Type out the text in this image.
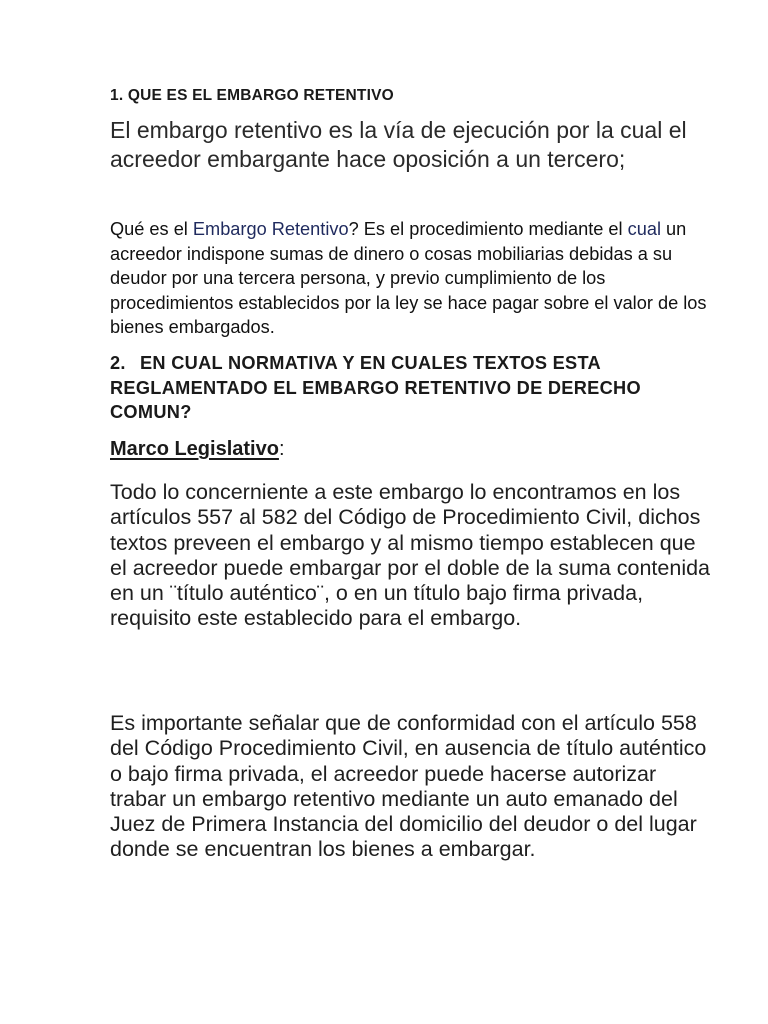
1. QUE ES EL EMBARGO RETENTIVO
El embargo retentivo es la vía de ejecución por la cual el acreedor embargante hace oposición a un tercero;
Qué es el Embargo Retentivo? Es el procedimiento mediante el cual un acreedor indispone sumas de dinero o cosas mobiliarias debidas a su deudor por una tercera persona, y previo cumplimiento de los procedimientos establecidos por la ley se hace pagar sobre el valor de los bienes embargados.
2. EN CUAL NORMATIVA Y EN CUALES TEXTOS ESTA REGLAMENTADO EL EMBARGO RETENTIVO DE DERECHO COMUN?
Marco Legislativo:
Todo lo concerniente a este embargo lo encontramos en los artículos 557 al 582 del Código de Procedimiento Civil, dichos textos preveen el embargo y al mismo tiempo establecen que el acreedor puede embargar por el doble de la suma contenida en un ¨título auténtico¨, o en un título bajo firma privada, requisito este establecido para el embargo.
Es importante señalar que de conformidad con el artículo 558 del Código Procedimiento Civil, en ausencia de título auténtico o bajo firma privada, el acreedor puede hacerse autorizar trabar un embargo retentivo mediante un auto emanado del Juez de Primera Instancia del domicilio del deudor o del lugar donde se encuentran los bienes a embargar.
